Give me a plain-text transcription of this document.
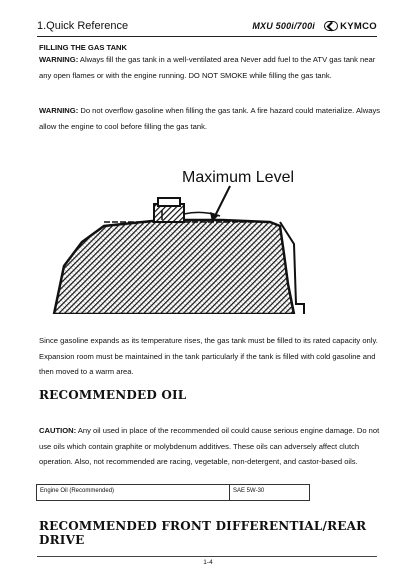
1.Quick Reference	MXU 500i/700i	KYMCO
FILLING THE GAS TANK
WARNING: Always fill the gas tank in a well-ventilated area Never add fuel to the ATV gas tank near any open flames or with the engine running. DO NOT SMOKE while filling the gas tank.
WARNING: Do not overflow gasoline when filling the gas tank. A fire hazard could materialize. Always allow the engine to cool before filling the gas tank.
Maximum Level
Since gasoline expands as its temperature rises, the gas tank must be filled to its rated capacity only. Expansion room must be maintained in the tank particularly if the tank is filled with cold gasoline and then moved to a warm area.
RECOMMENDED OIL
CAUTION: Any oil used in place of the recommended oil could cause serious engine damage. Do not use oils which contain graphite or molybdenum additives. These oils can adversely affect clutch operation. Also, not recommended are racing, vegetable, non-detergent, and castor-based oils.
Engine Oil (Recommended)	SAE 5W-30
RECOMMENDED FRONT DIFFERENTIAL/REAR DRIVE
1-4
